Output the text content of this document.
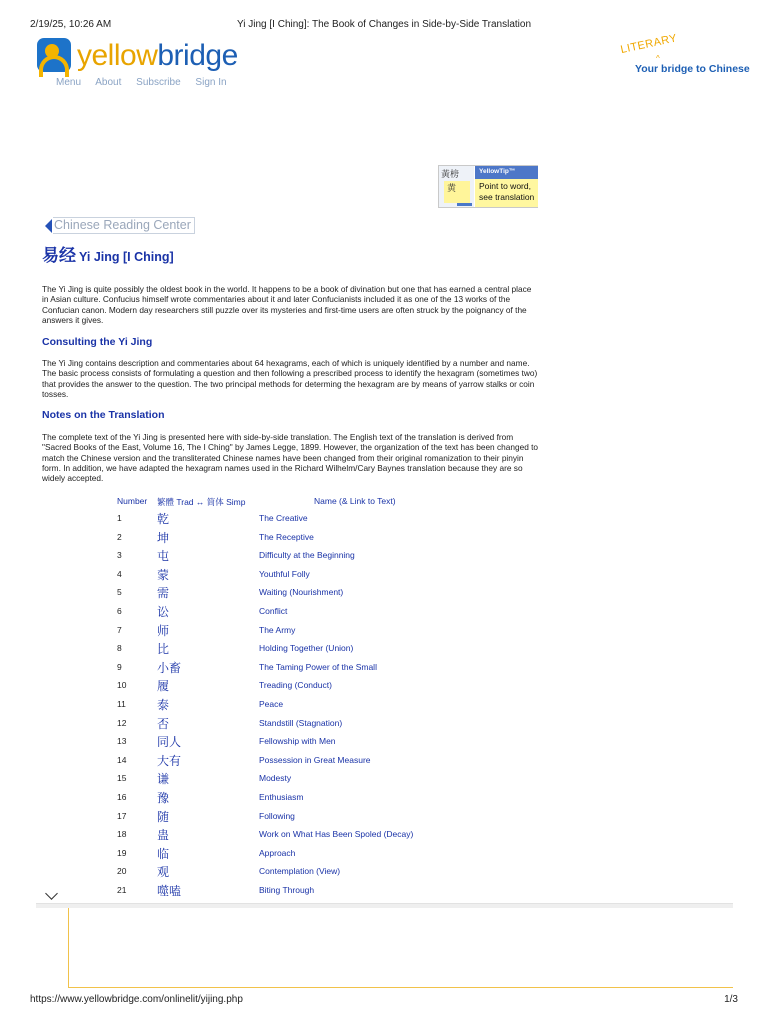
2/19/25, 10:26 AM	Yi Jing [I Ching]: The Book of Changes in Side-by-Side Translation
yellowbridge
Menu About Subscribe Sign In
LITERARY
^
Your bridge to Chinese
黃榜
黄
YellowTip™
Point to word,
see translation
Chinese Reading Center
易经 Yi Jing [I Ching]

The Yi Jing is quite possibly the oldest book in the world. It happens to be a book of divination but one that has earned a central place in Asian culture. Confucius himself wrote commentaries about it and later Confucianists included it as one of the 13 works of the Confucian canon. Modern day researchers still puzzle over its mysteries and first-time users are often struck by the poignancy of the answers it gives.

Consulting the Yi Jing

The Yi Jing contains description and commentaries about 64 hexagrams, each of which is uniquely identified by a number and name. The basic process consists of formulating a question and then following a prescribed process to identify the hexagram (sometimes two) that provides the answer to the question. The two principal methods for determing the hexagram are by means of yarrow stalks or coin tosses.

Notes on the Translation

The complete text of the Yi Jing is presented here with side-by-side translation. The English text of the translation is derived from "Sacred Books of the East, Volume 16, The I Ching" by James Legge, 1899. However, the organization of the text has been changed to match the Chinese version and the transliterated Chinese names have been changed from their original romanization to their pinyin form. In addition, we have adapted the hexagram names used in the Richard Wilhelm/Cary Baynes translation because they are so widely accepted.

Number 繁體 Trad ↔ 简体 Simp	Name (& Link to Text)
1	乾	The Creative
2	坤	The Receptive
3	屯	Difficulty at the Beginning
4	蒙	Youthful Folly
5	需	Waiting (Nourishment)
6	讼	Conflict
7	师	The Army
8	比	Holding Together (Union)
9	小畜	The Taming Power of the Small
10	履	Treading (Conduct)
11	泰	Peace
12	否	Standstill (Stagnation)
13	同人	Fellowship with Men
14	大有	Possession in Great Measure
15	谦	Modesty
16	豫	Enthusiasm
17	随	Following
18	蛊	Work on What Has Been Spoled (Decay)
19	临	Approach
20	观	Contemplation (View)
21	噬嗑	Biting Through
https://www.yellowbridge.com/onlinelit/yijing.php	1/3
